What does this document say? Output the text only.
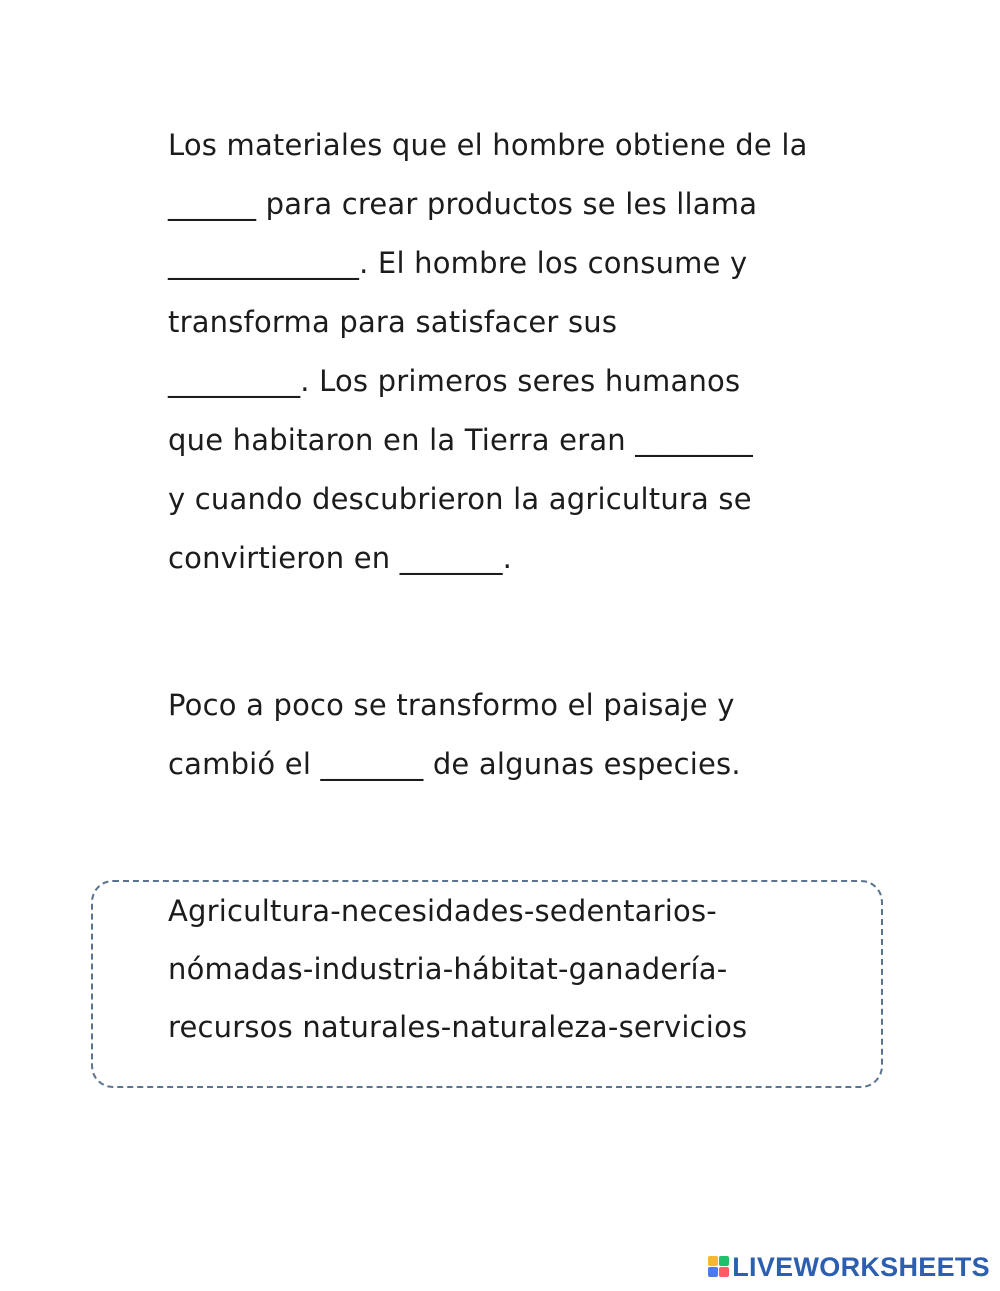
Los materiales que el hombre obtiene de la
______ para crear productos se les llama
_____________. El hombre los consume y
transforma para satisfacer sus
_________. Los primeros seres humanos
que habitaron en la Tierra eran ________
y cuando descubrieron la agricultura se
convirtieron en _______.
Poco a poco se transformo el paisaje y
cambió el _______ de algunas especies.
Agricultura-necesidades-sedentarios-
nómadas-industria-hábitat-ganadería-
recursos naturales-naturaleza-servicios
LIVEWORKSHEETS
